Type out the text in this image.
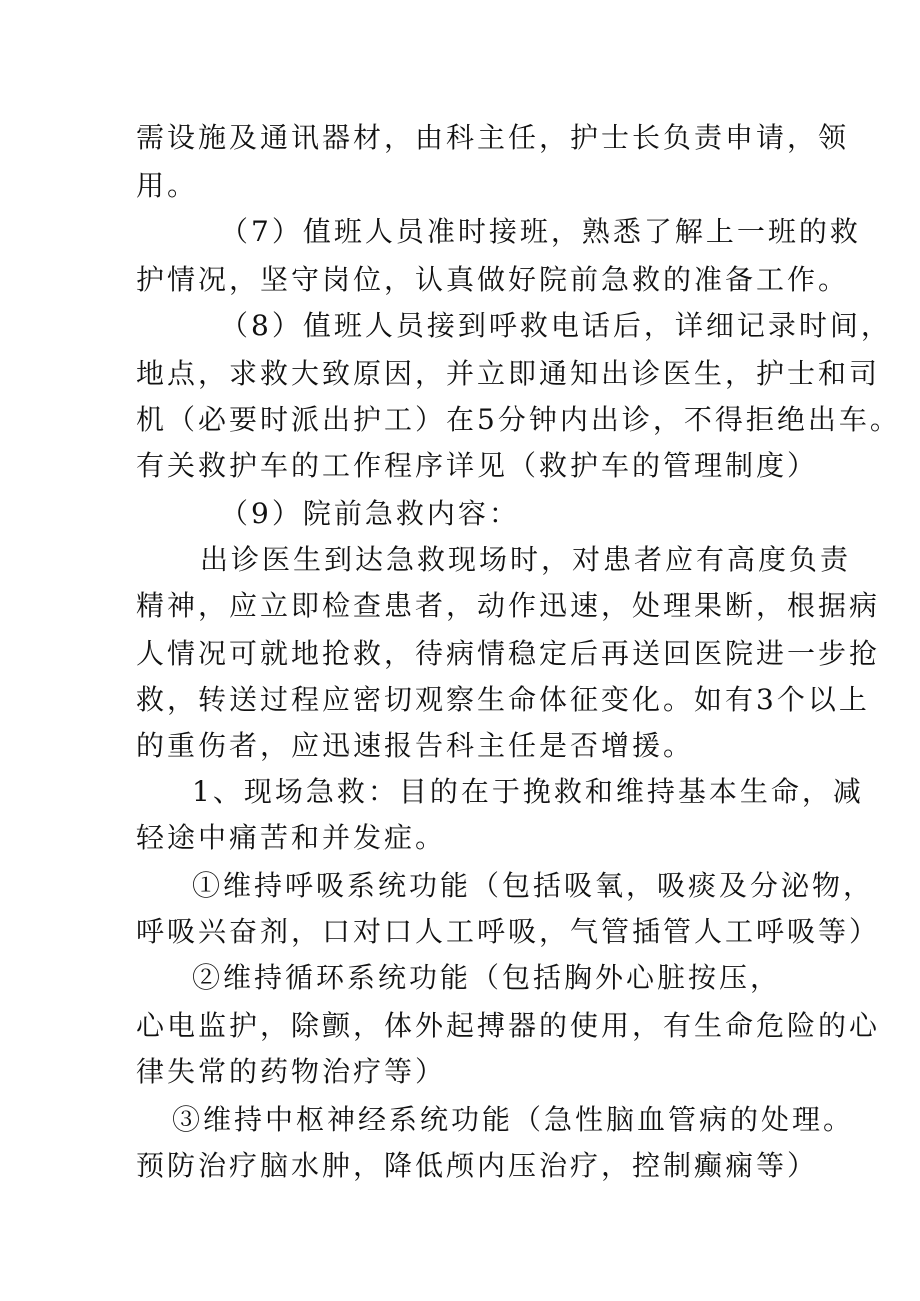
需设施及通讯器材，由科主任，护士长负责申请，领
用。
（7）值班人员准时接班，熟悉了解上一班的救
护情况，坚守岗位，认真做好院前急救的准备工作。
（8）值班人员接到呼救电话后，详细记录时间，
地点，求救大致原因，并立即通知出诊医生，护士和司
机（必要时派出护工）在5分钟内出诊，不得拒绝出车。
有关救护车的工作程序详见（救护车的管理制度）
（9）院前急救内容：
出诊医生到达急救现场时，对患者应有高度负责
精神，应立即检查患者，动作迅速，处理果断，根据病
人情况可就地抢救，待病情稳定后再送回医院进一步抢
救，转送过程应密切观察生命体征变化。如有3个以上
的重伤者，应迅速报告科主任是否增援。
1、现场急救：目的在于挽救和维持基本生命，减
轻途中痛苦和并发症。
①维持呼吸系统功能（包括吸氧，吸痰及分泌物，
呼吸兴奋剂，口对口人工呼吸，气管插管人工呼吸等）
②维持循环系统功能（包括胸外心脏按压，
心电监护，除颤，体外起搏器的使用，有生命危险的心
律失常的药物治疗等）
③维持中枢神经系统功能（急性脑血管病的处理。
预防治疗脑水肿，降低颅内压治疗，控制癫痫等）
